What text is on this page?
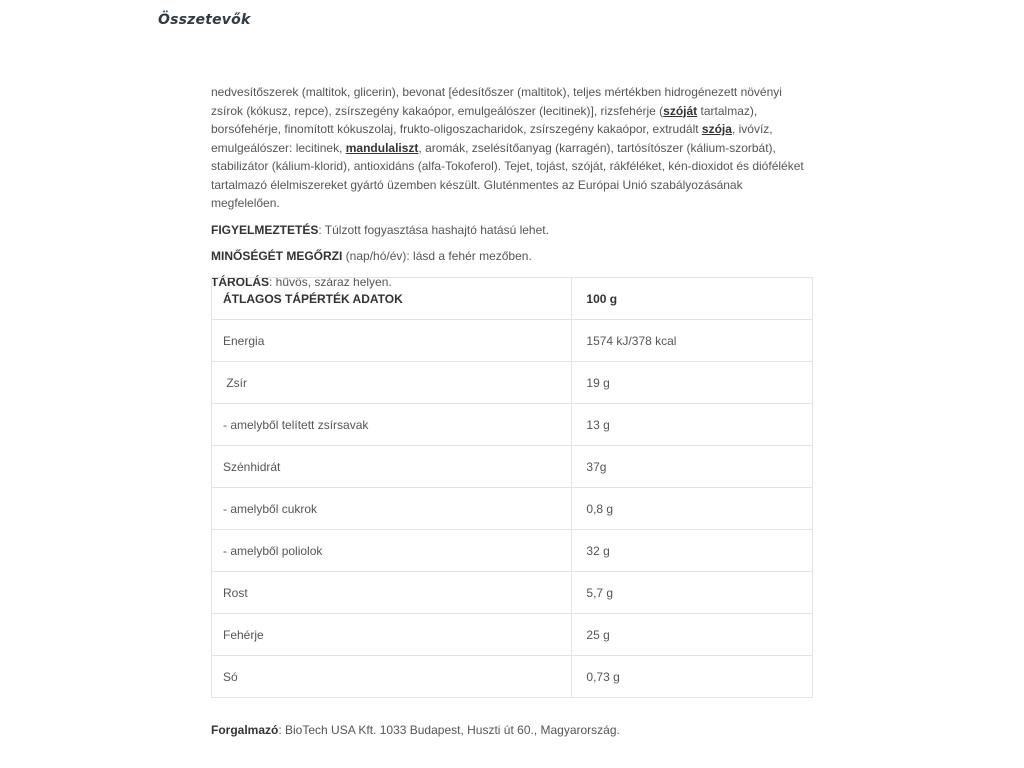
Összetevők

nedvesítőszerek (maltitok, glicerin), bevonat [édesítőszer (maltitok), teljes mértékben hidrogénezett növényi zsírok (kókusz, repce), zsírszegény kakaópor, emulgeálószer (lecitinek)], rizsfehérje (szóját tartalmaz), borsófehérje, finomított kókuszolaj, frukto-oligoszacharidok, zsírszegény kakaópor, extrudált szója, ivóvíz, emulgeálószer: lecitinek, mandulaliszt, aromák, zselésítőanyag (karragén), tartósítószer (kálium-szorbát), stabilizátor (kálium-klorid), antioxidáns (alfa-Tokoferol). Tejet, tojást, szóját, rákféléket, kén-dioxidot és dióféléket tartalmazó élelmiszereket gyártó üzemben készült. Gluténmentes az Európai Unió szabályozásának megfelelően.

FIGYELMEZTETÉS: Túlzott fogyasztása hashajtó hatású lehet.

MINŐSÉGÉT MEGŐRZI (nap/hó/év): lásd a fehér mezőben.

TÁROLÁS: hűvös, száraz helyen.

ÁTLAGOS TÁPÉRTÉK ADATOK	100 g
Energia	1574 kJ/378 kcal
Zsír	19 g
- amelyből telített zsírsavak	13 g
Szénhidrát	37g
- amelyből cukrok	0,8 g
- amelyből poliolok	32 g
Rost	5,7 g
Fehérje	25 g
Só	0,73 g

Forgalmazó: BioTech USA Kft. 1033 Budapest, Huszti út 60., Magyarország.
